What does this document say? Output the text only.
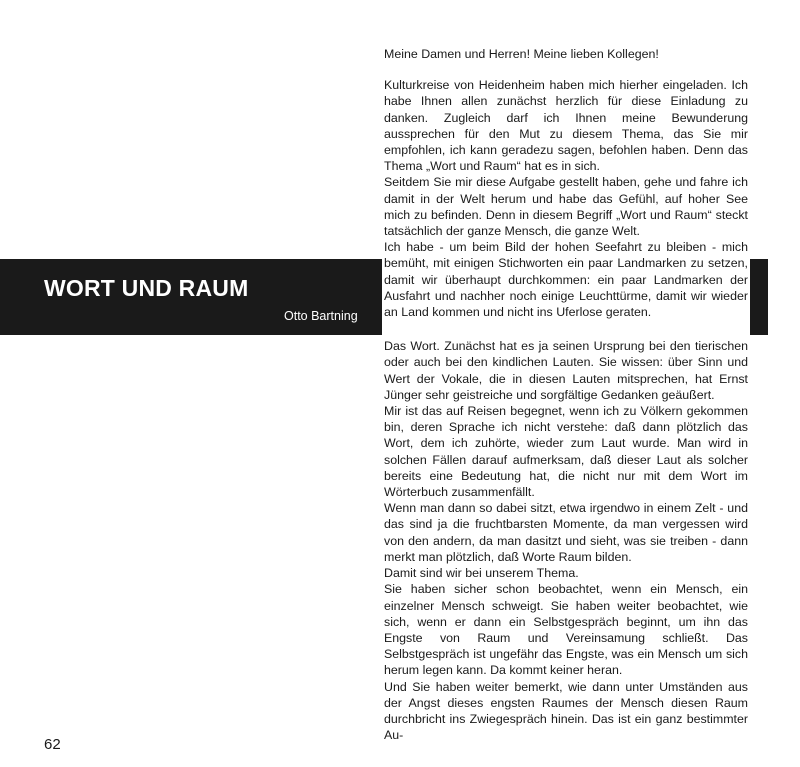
WORT UND RAUM
Otto Bartning

Meine Damen und Herren! Meine lieben Kollegen!

Kulturkreise von Heidenheim haben mich hierher eingeladen. Ich habe Ihnen allen zunächst herzlich für diese Einladung zu danken. Zugleich darf ich Ihnen meine Bewunderung aussprechen für den Mut zu diesem Thema, das Sie mir empfohlen, ich kann geradezu sagen, befohlen haben. Denn das Thema „Wort und Raum“ hat es in sich.

Seitdem Sie mir diese Aufgabe gestellt haben, gehe und fahre ich damit in der Welt herum und habe das Gefühl, auf hoher See mich zu befinden. Denn in diesem Begriff „Wort und Raum“ steckt tatsächlich der ganze Mensch, die ganze Welt.

Ich habe - um beim Bild der hohen Seefahrt zu bleiben - mich bemüht, mit einigen Stichworten ein paar Landmarken zu setzen, damit wir überhaupt durchkommen: ein paar Landmarken der Ausfahrt und nachher noch einige Leuchttürme, damit wir wieder an Land kommen und nicht ins Uferlose geraten.

Das Wort. Zunächst hat es ja seinen Ursprung bei den tierischen oder auch bei den kindlichen Lauten. Sie wissen: über Sinn und Wert der Vokale, die in diesen Lauten mitsprechen, hat Ernst Jünger sehr geistreiche und sorgfältige Gedanken geäußert.

Mir ist das auf Reisen begegnet, wenn ich zu Völkern gekommen bin, deren Sprache ich nicht verstehe: daß dann plötzlich das Wort, dem ich zuhörte, wieder zum Laut wurde. Man wird in solchen Fällen darauf aufmerksam, daß dieser Laut als solcher bereits eine Bedeutung hat, die nicht nur mit dem Wort im Wörterbuch zusammenfällt.

Wenn man dann so dabei sitzt, etwa irgendwo in einem Zelt - und das sind ja die fruchtbarsten Momente, da man vergessen wird von den andern, da man dasitzt und sieht, was sie treiben - dann merkt man plötzlich, daß Worte Raum bilden.

Damit sind wir bei unserem Thema.

Sie haben sicher schon beobachtet, wenn ein Mensch, ein einzelner Mensch schweigt. Sie haben weiter beobachtet, wie sich, wenn er dann ein Selbstgespräch beginnt, um ihn das Engste von Raum und Vereinsamung schließt. Das Selbstgespräch ist ungefähr das Engste, was ein Mensch um sich herum legen kann. Da kommt keiner heran.

Und Sie haben weiter bemerkt, wie dann unter Umständen aus der Angst dieses engsten Raumes der Mensch diesen Raum durchbricht ins Zwiegespräch hinein. Das ist ein ganz bestimmter Au-

62
